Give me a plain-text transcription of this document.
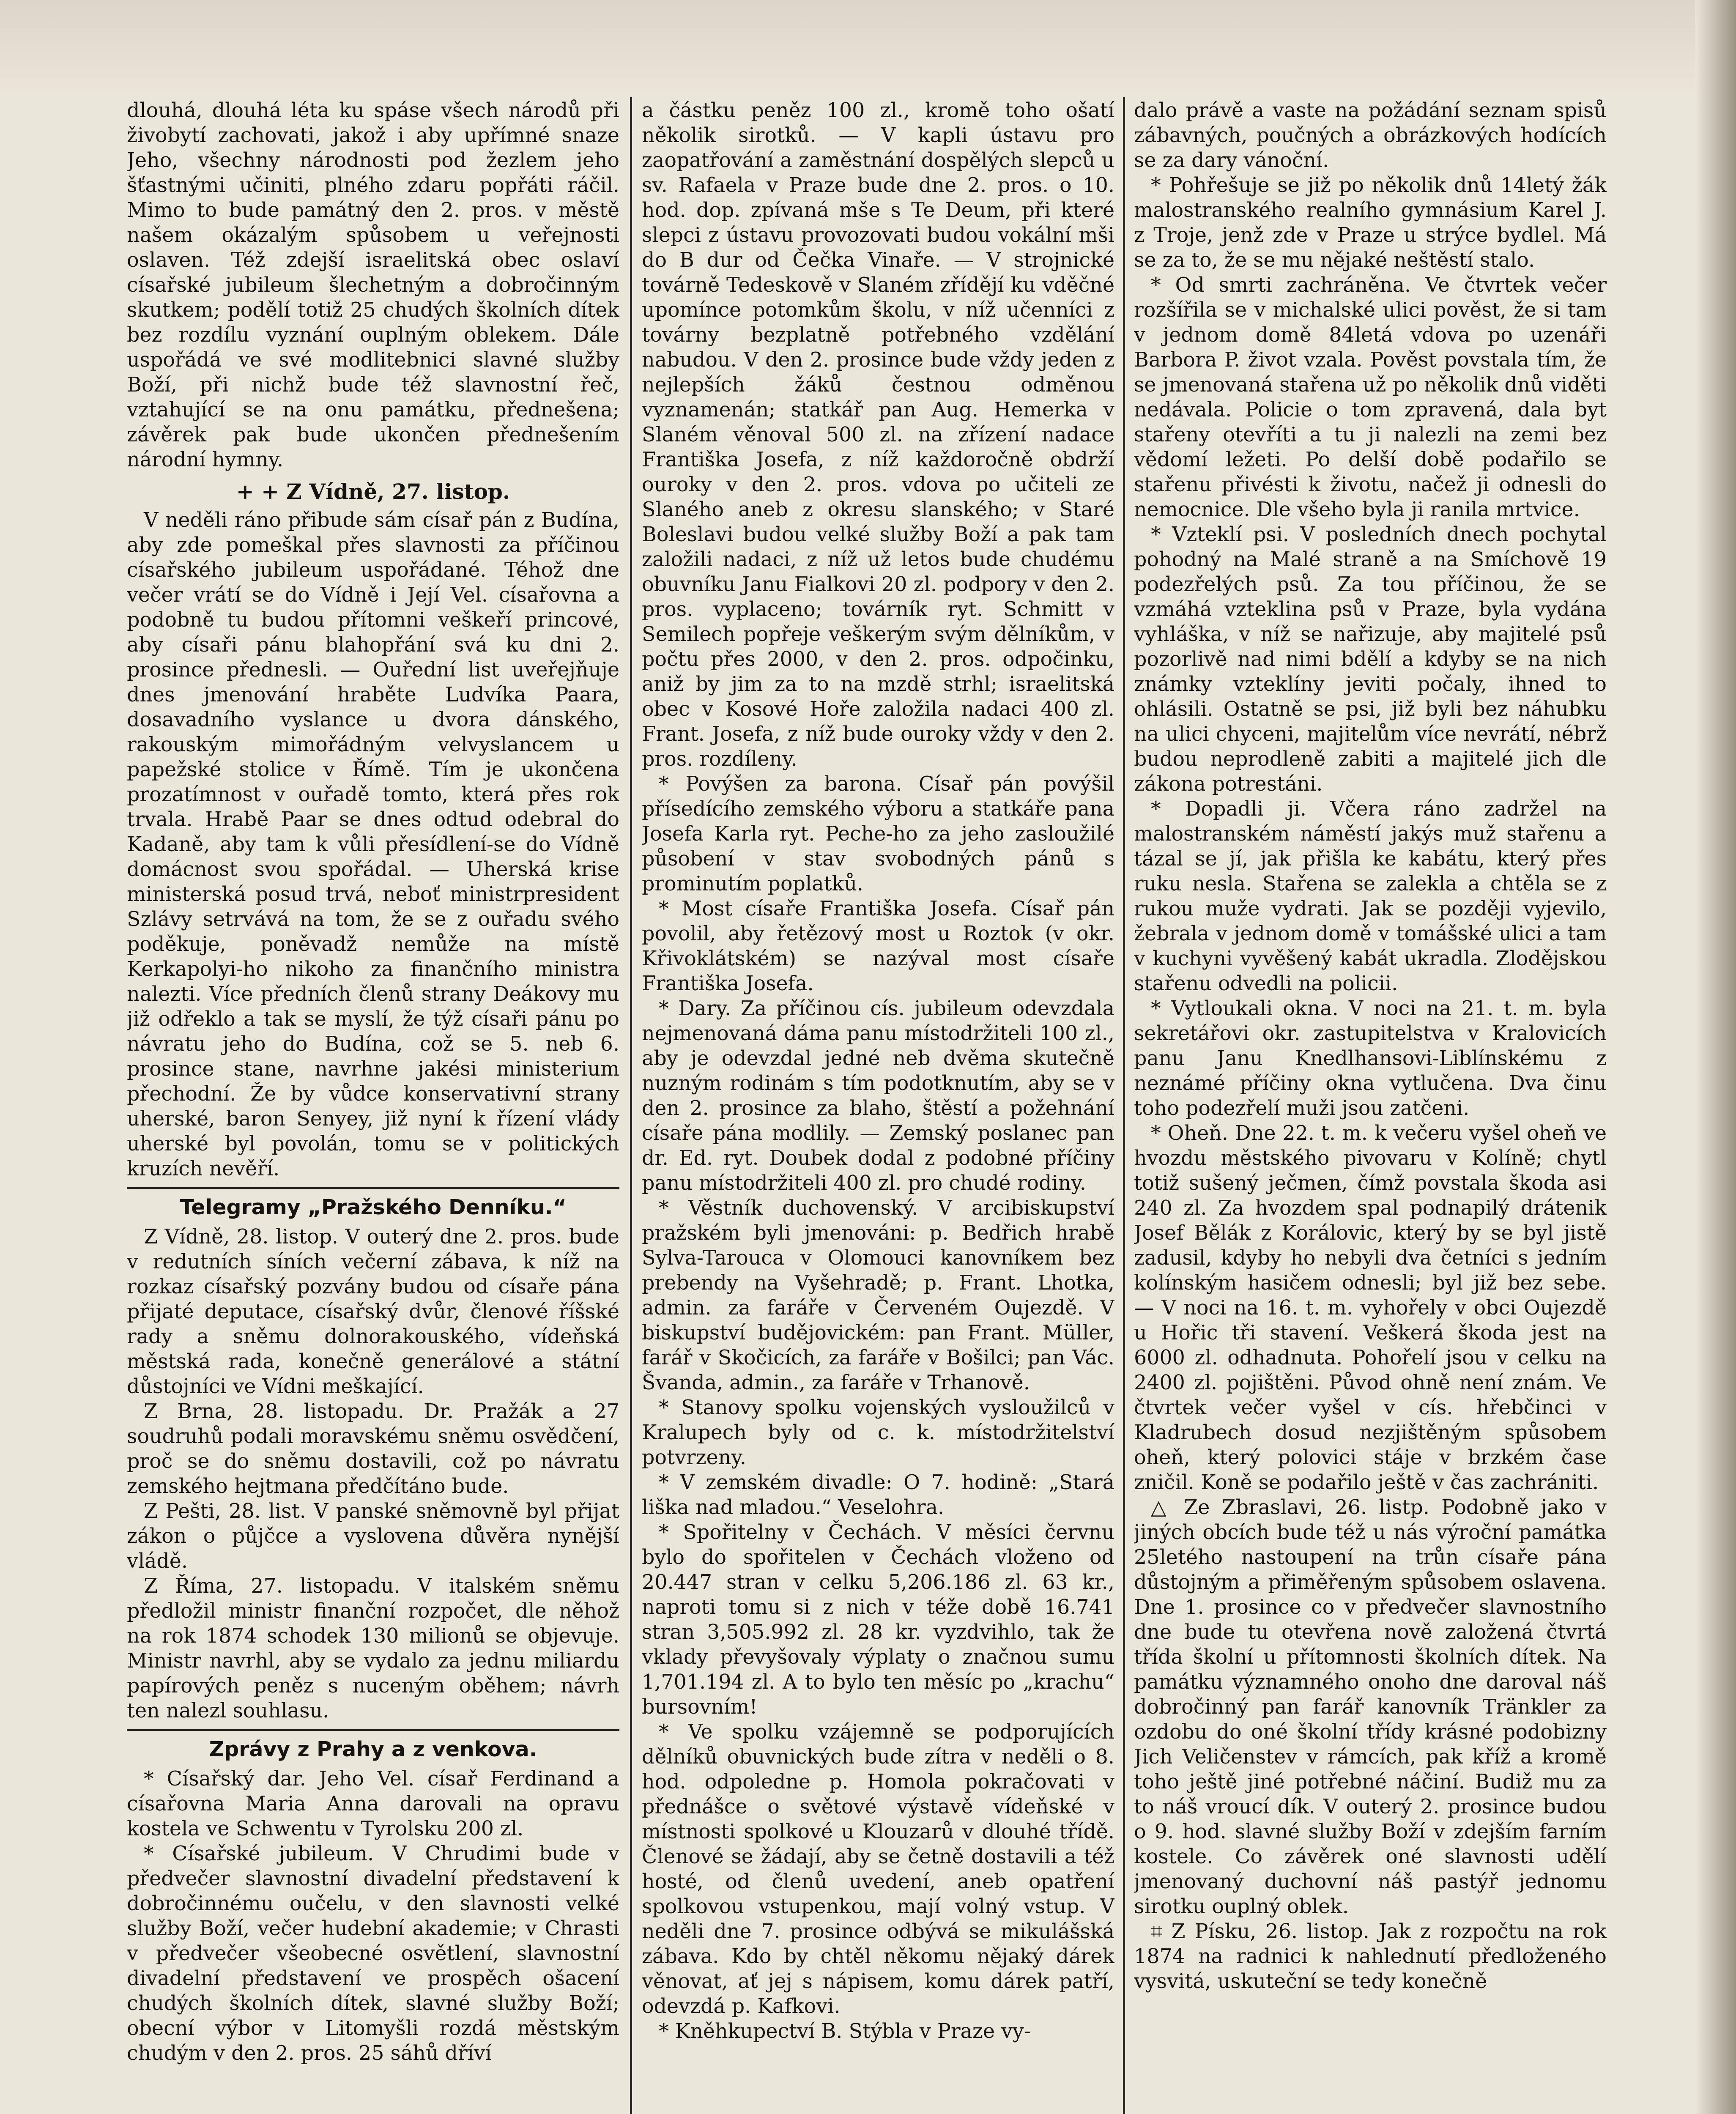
dlouhá, dlouhá léta ku spáse všech národů při živobytí zachovati, jakož i aby upřímné snaze Jeho, všechny národnosti pod žezlem jeho šťastnými učiniti, plného zdaru popřáti ráčil. Mimo to bude památný den 2. pros. v městě našem okázalým spůsobem u veřejnosti oslaven. Též zdejší israelitská obec oslaví císařské jubileum šlechetným a dobročinným skutkem; podělí totiž 25 chudých školních dítek bez rozdílu vyznání ouplným oblekem. Dále uspořádá ve své modlitebnici slavné služby Boží, při nichž bude též slavnostní řeč, vztahující se na onu památku, přednešena; závěrek pak bude ukončen přednešením národní hymny.

+ + Z Vídně, 27. listop.

V neděli ráno přibude sám císař pán z Budína, aby zde pomeškal přes slavnosti za příčinou císařského jubileum uspořádané. Téhož dne večer vrátí se do Vídně i Její Vel. císařovna a podobně tu budou přítomni veškeří princové, aby císaři pánu blahopřání svá ku dni 2. prosince přednesli. — Ouřední list uveřejňuje dnes jmenování hraběte Ludvíka Paara, dosavadního vyslance u dvora dánského, rakouským mimořádným velvyslancem u papežské stolice v Římě. Tím je ukončena prozatímnost v ouřadě tomto, která přes rok trvala. Hrabě Paar se dnes odtud odebral do Kadaně, aby tam k vůli přesídlení-se do Vídně domácnost svou spořádal. — Uherská krise ministerská posud trvá, neboť ministrpresident Szlávy setrvává na tom, že se z ouřadu svého poděkuje, poněvadž nemůže na místě Kerkapolyi-ho nikoho za finančního ministra nalezti. Více předních členů strany Deákovy mu již odřeklo a tak se myslí, že týž císaři pánu po návratu jeho do Budína, což se 5. neb 6. prosince stane, navrhne jakési ministerium přechodní. Že by vůdce konservativní strany uherské, baron Senyey, již nyní k řízení vlády uherské byl povolán, tomu se v politických kruzích nevěří.

Telegramy „Pražského Denníku.“

Z Vídně, 28. listop. V outerý dne 2. pros. bude v redutních síních večerní zábava, k níž na rozkaz císařský pozvány budou od císaře pána přijaté deputace, císařský dvůr, členové říšské rady a sněmu dolnorakouského, vídeňská městská rada, konečně generálové a státní důstojníci ve Vídni meškající.

Z Brna, 28. listopadu. Dr. Pražák a 27 soudruhů podali moravskému sněmu osvědčení, proč se do sněmu dostavili, což po návratu zemského hejtmana předčítáno bude.

Z Pešti, 28. list. V panské sněmovně byl přijat zákon o půjčce a vyslovena důvěra nynější vládě.

Z Říma, 27. listopadu. V italském sněmu předložil ministr finanční rozpočet, dle něhož na rok 1874 schodek 130 milionů se objevuje. Ministr navrhl, aby se vydalo za jednu miliardu papírových peněz s nuceným oběhem; návrh ten nalezl souhlasu.

Zprávy z Prahy a z venkova.

* Císařský dar. Jeho Vel. císař Ferdinand a císařovna Maria Anna darovali na opravu kostela ve Schwentu v Tyrolsku 200 zl.

* Císařské jubileum. V Chrudimi bude v předvečer slavnostní divadelní představení k dobročinnému oučelu, v den slavnosti velké služby Boží, večer hudební akademie; v Chrasti v předvečer všeobecné osvětlení, slavnostní divadelní představení ve prospěch ošacení chudých školních dítek, slavné služby Boží; obecní výbor v Litomyšli rozdá městským chudým v den 2. pros. 25 sáhů dříví

a částku peněz 100 zl., kromě toho ošatí několik sirotků. — V kapli ústavu pro zaopatřování a zaměstnání dospělých slepců u sv. Rafaela v Praze bude dne 2. pros. o 10. hod. dop. zpívaná mše s Te Deum, při které slepci z ústavu provozovati budou vokální mši do B dur od Čečka Vinaře. — V strojnické továrně Tedeskově v Slaném zřídějí ku vděčné upomínce potomkům školu, v níž učenníci z továrny bezplatně potřebného vzdělání nabudou. V den 2. prosince bude vždy jeden z nejlepších žáků čestnou odměnou vyznamenán; statkář pan Aug. Hemerka v Slaném věnoval 500 zl. na zřízení nadace Františka Josefa, z níž každoročně obdrží ouroky v den 2. pros. vdova po učiteli ze Slaného aneb z okresu slanského; v Staré Boleslavi budou velké služby Boží a pak tam založili nadaci, z níž už letos bude chudému obuvníku Janu Fialkovi 20 zl. podpory v den 2. pros. vyplaceno; továrník ryt. Schmitt v Semilech popřeje veškerým svým dělníkům, v počtu přes 2000, v den 2. pros. odpočinku, aniž by jim za to na mzdě strhl; israelitská obec v Kosové Hoře založila nadaci 400 zl. Frant. Josefa, z níž bude ouroky vždy v den 2. pros. rozdíleny.

* Povýšen za barona. Císař pán povýšil přísedícího zemského výboru a statkáře pana Josefa Karla ryt. Peche-ho za jeho zasloužilé působení v stav svobodných pánů s prominutím poplatků.

* Most císaře Františka Josefa. Císař pán povolil, aby řetězový most u Roztok (v okr. Křivoklátském) se nazýval most císaře Františka Josefa.

* Dary. Za příčinou cís. jubileum odevzdala nejmenovaná dáma panu místodržiteli 100 zl., aby je odevzdal jedné neb dvěma skutečně nuzným rodinám s tím podotknutím, aby se v den 2. prosince za blaho, štěstí a požehnání císaře pána modlily. — Zemský poslanec pan dr. Ed. ryt. Doubek dodal z podobné příčiny panu místodržiteli 400 zl. pro chudé rodiny.

* Věstník duchovenský. V arcibiskupství pražském byli jmenováni: p. Bedřich hrabě Sylva-Tarouca v Olomouci kanovníkem bez prebendy na Vyšehradě; p. Frant. Lhotka, admin. za faráře v Červeném Oujezdě. V biskupství budějovickém: pan Frant. Müller, farář v Skočicích, za faráře v Bošilci; pan Vác. Švanda, admin., za faráře v Trhanově.

* Stanovy spolku vojenských vysloužilců v Kralupech byly od c. k. místodržitelství potvrzeny.

* V zemském divadle: O 7. hodině: „Stará liška nad mladou.“ Veselohra.

* Spořitelny v Čechách. V měsíci červnu bylo do spořitelen v Čechách vloženo od 20.447 stran v celku 5,206.186 zl. 63 kr., naproti tomu si z nich v téže době 16.741 stran 3,505.992 zl. 28 kr. vyzdvihlo, tak že vklady převyšovaly výplaty o značnou sumu 1,701.194 zl. A to bylo ten měsíc po „krachu“ bursovním!

* Ve spolku vzájemně se podporujících dělníků obuvnických bude zítra v neděli o 8. hod. odpoledne p. Homola pokračovati v přednášce o světové výstavě vídeňské v místnosti spolkové u Klouzarů v dlouhé třídě. Členové se žádají, aby se četně dostavili a též hosté, od členů uvedení, aneb opatření spolkovou vstupenkou, mají volný vstup. V neděli dne 7. prosince odbývá se mikulášská zábava. Kdo by chtěl někomu nějaký dárek věnovat, ať jej s nápisem, komu dárek patří, odevzdá p. Kafkovi.

* Kněhkupectví B. Stýbla v Praze vy-

dalo právě a vaste na požádání seznam spisů zábavných, poučných a obrázkových hodících se za dary vánoční.

* Pohřešuje se již po několik dnů 14letý žák malostranského realního gymnásium Karel J. z Troje, jenž zde v Praze u strýce bydlel. Má se za to, že se mu nějaké neštěstí stalo.

* Od smrti zachráněna. Ve čtvrtek večer rozšířila se v michalské ulici pověst, že si tam v jednom domě 84letá vdova po uzenáři Barbora P. život vzala. Pověst povstala tím, že se jmenovaná stařena už po několik dnů viděti nedávala. Policie o tom zpravená, dala byt stařeny otevříti a tu ji nalezli na zemi bez vědomí ležeti. Po delší době podařilo se stařenu přivésti k životu, načež ji odnesli do nemocnice. Dle všeho byla ji ranila mrtvice.

* Vzteklí psi. V posledních dnech pochytal pohodný na Malé straně a na Smíchově 19 podezřelých psů. Za tou příčinou, že se vzmáhá vzteklina psů v Praze, byla vydána vyhláška, v níž se nařizuje, aby majitelé psů pozorlivě nad nimi bdělí a kdyby se na nich známky vzteklíny jeviti počaly, ihned to ohlásili. Ostatně se psi, již byli bez náhubku na ulici chyceni, majitelům více nevrátí, nébrž budou neprodleně zabiti a majitelé jich dle zákona potrestáni.

* Dopadli ji. Včera ráno zadržel na malostranském náměstí jakýs muž stařenu a tázal se jí, jak přišla ke kabátu, který přes ruku nesla. Stařena se zalekla a chtěla se z rukou muže vydrati. Jak se později vyjevilo, žebrala v jednom domě v tomášské ulici a tam v kuchyni vyvěšený kabát ukradla. Zlodějskou stařenu odvedli na policii.

* Vytloukali okna. V noci na 21. t. m. byla sekretářovi okr. zastupitelstva v Kralovicích panu Janu Knedlhansovi-Liblínskému z neznámé příčiny okna vytlučena. Dva činu toho podezřelí muži jsou zatčeni.

* Oheň. Dne 22. t. m. k večeru vyšel oheň ve hvozdu městského pivovaru v Kolíně; chytl totiž sušený ječmen, čímž povstala škoda asi 240 zl. Za hvozdem spal podnapilý drátenik Josef Bělák z Korálovic, který by se byl jistě zadusil, kdyby ho nebyli dva četníci s jedním kolínským hasičem odnesli; byl již bez sebe. — V noci na 16. t. m. vyhořely v obci Oujezdě u Hořic tři stavení. Veškerá škoda jest na 6000 zl. odhadnuta. Pohořelí jsou v celku na 2400 zl. pojištěni. Původ ohně není znám. Ve čtvrtek večer vyšel v cís. hřebčinci v Kladrubech dosud nezjištěným spůsobem oheň, který polovici stáje v brzkém čase zničil. Koně se podařilo ještě v čas zachrániti.

△ Ze Zbraslavi, 26. listp. Podobně jako v jiných obcích bude též u nás výroční památka 25letého nastoupení na trůn císaře pána důstojným a přiměřeným spůsobem oslavena. Dne 1. prosince co v předvečer slavnostního dne bude tu otevřena nově založená čtvrtá třída školní u přítomnosti školních dítek. Na památku významného onoho dne daroval náš dobročinný pan farář kanovník Tränkler za ozdobu do oné školní třídy krásné podobizny Jich Veličenstev v rámcích, pak kříž a kromě toho ještě jiné potřebné náčiní. Budiž mu za to náš vroucí dík. V outerý 2. prosince budou o 9. hod. slavné služby Boží v zdejším farním kostele. Co závěrek oné slavnosti udělí jmenovaný duchovní náš pastýř jednomu sirotku ouplný oblek.

⌗ Z Písku, 26. listop. Jak z rozpočtu na rok 1874 na radnici k nahlednutí předloženého vysvitá, uskuteční se tedy konečně
